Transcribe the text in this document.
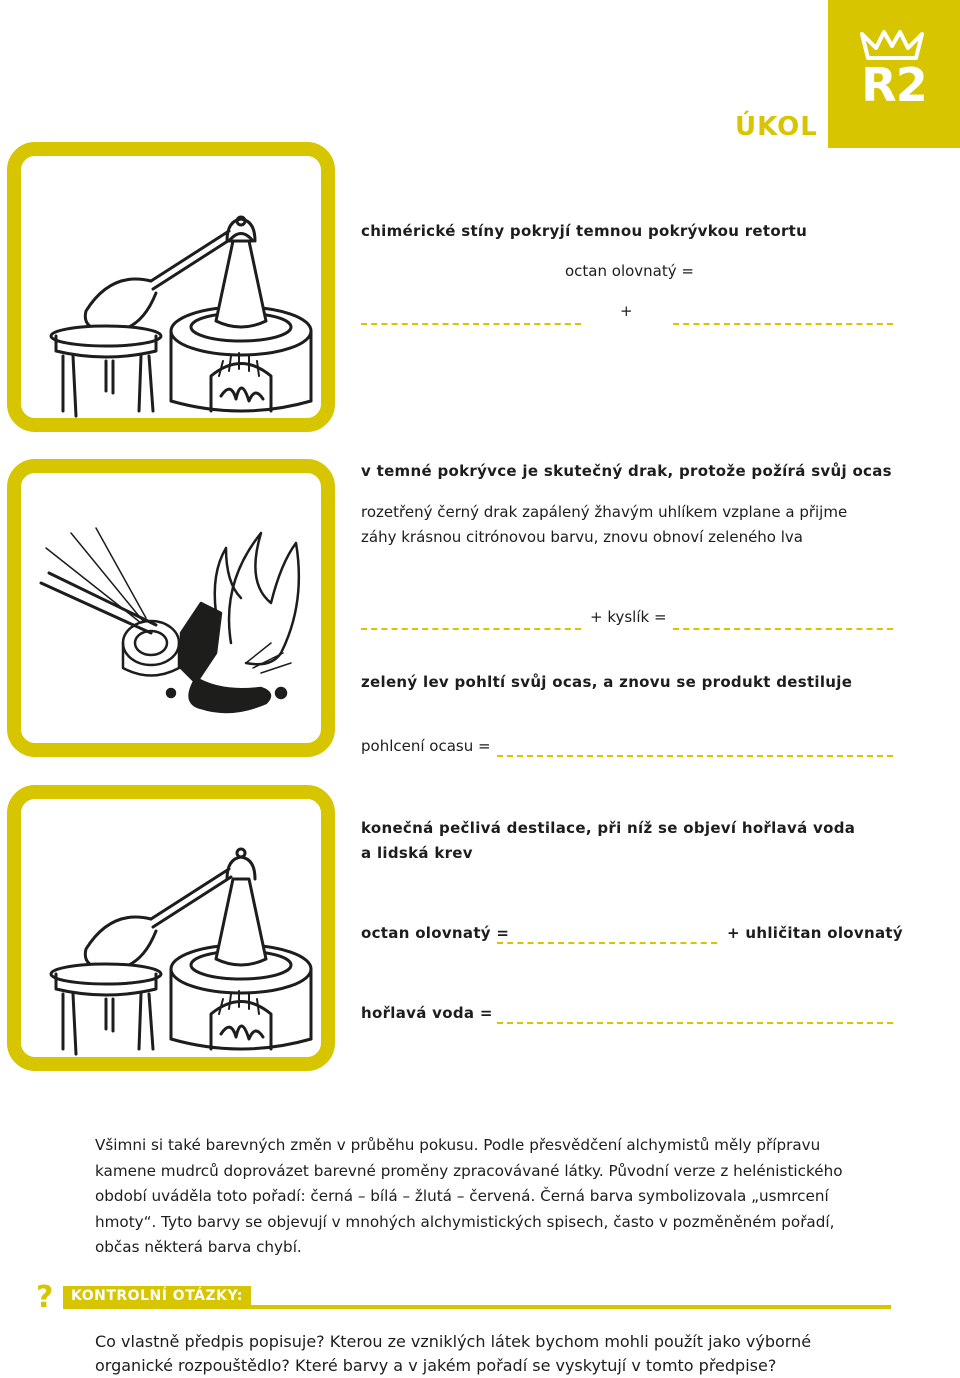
R2
ÚKOL
chimérické stíny pokryjí temnou pokrývkou retortu
octan olovnatý =
+
v temné pokrývce je skutečný drak, protože požírá svůj ocas
rozetřený černý drak zapálený žhavým uhlíkem vzplane a přijme
záhy krásnou citrónovou barvu, znovu obnoví zeleného lva
+ kyslík =
zelený lev pohltí svůj ocas, a znovu se produkt destiluje
pohlcení ocasu =
konečná pečlivá destilace, při níž se objeví hořlavá voda
a lidská krev
octan olovnatý =	+ uhličitan olovnatý
hořlavá voda =
Všimni si také barevných změn v průběhu pokusu. Podle přesvědčení alchymistů měly přípravu kamene mudrců doprovázet barevné proměny zpracovávané látky. Původní verze z helénistického období uváděla toto pořadí: černá – bílá – žlutá – červená. Černá barva symbolizovala „usmrcení hmoty“. Tyto barvy se objevují v mnohých alchymistických spisech, často v pozměněném pořadí, občas některá barva chybí.
?	KONTROLNÍ OTÁZKY:
Co vlastně předpis popisuje? Kterou ze vzniklých látek bychom mohli použít jako výborné organické rozpouštědlo? Které barvy a v jakém pořadí se vyskytují v tomto předpise?
